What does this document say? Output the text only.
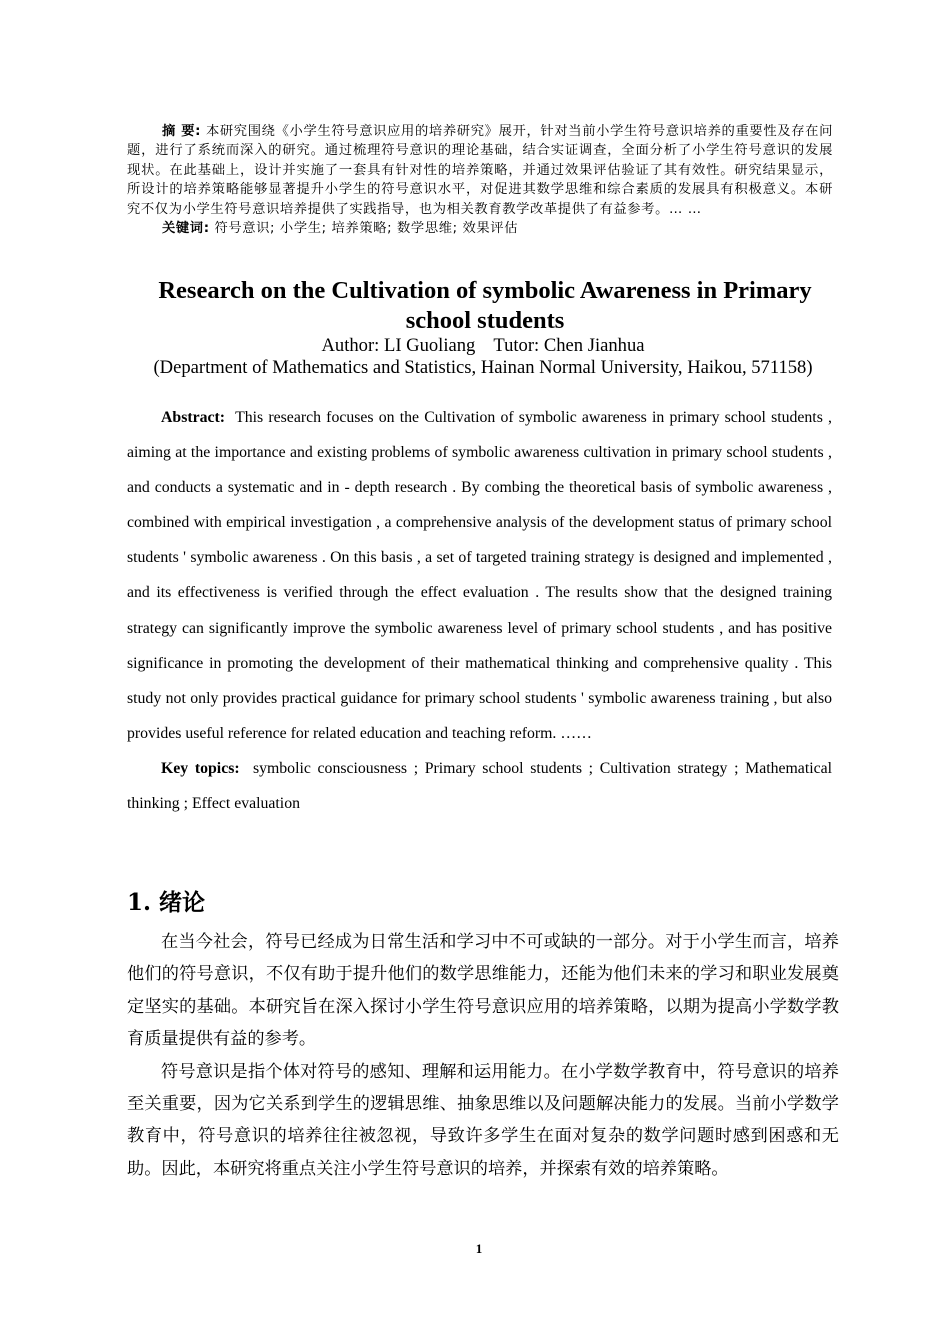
摘 要: 本研究围绕《小学生符号意识应用的培养研究》展开，针对当前小学生符号意识培养的重要性及存在问题，进行了系统而深入的研究。通过梳理符号意识的理论基础，结合实证调查，全面分析了小学生符号意识的发展现状。在此基础上，设计并实施了一套具有针对性的培养策略，并通过效果评估验证了其有效性。研究结果显示，所设计的培养策略能够显著提升小学生的符号意识水平，对促进其数学思维和综合素质的发展具有积极意义。本研究不仅为小学生符号意识培养提供了实践指导，也为相关教育教学改革提供了有益参考。… …

关键词: 符号意识; 小学生; 培养策略; 数学思维; 效果评估

Research on the Cultivation of symbolic Awareness in Primary school students
Author: LI Guoliang Tutor: Chen Jianhua
(Department of Mathematics and Statistics, Hainan Normal University, Haikou, 571158)

Abstract: This research focuses on the Cultivation of symbolic awareness in primary school students , aiming at the importance and existing problems of symbolic awareness cultivation in primary school students , and conducts a systematic and in - depth research . By combing the theoretical basis of symbolic awareness , combined with empirical investigation , a comprehensive analysis of the development status of primary school students ' symbolic awareness . On this basis , a set of targeted training strategy is designed and implemented , and its effectiveness is verified through the effect evaluation . The results show that the designed training strategy can significantly improve the symbolic awareness level of primary school students , and has positive significance in promoting the development of their mathematical thinking and comprehensive quality . This study not only provides practical guidance for primary school students ' symbolic awareness training , but also provides useful reference for related education and teaching reform. ……

Key topics: symbolic consciousness ; Primary school students ; Cultivation strategy ; Mathematical thinking ; Effect evaluation

1. 绪论

在当今社会，符号已经成为日常生活和学习中不可或缺的一部分。对于小学生而言，培养他们的符号意识，不仅有助于提升他们的数学思维能力，还能为他们未来的学习和职业发展奠定坚实的基础。本研究旨在深入探讨小学生符号意识应用的培养策略，以期为提高小学数学教育质量提供有益的参考。

符号意识是指个体对符号的感知、理解和运用能力。在小学数学教育中，符号意识的培养至关重要，因为它关系到学生的逻辑思维、抽象思维以及问题解决能力的发展。当前小学数学教育中，符号意识的培养往往被忽视，导致许多学生在面对复杂的数学问题时感到困惑和无助。因此，本研究将重点关注小学生符号意识的培养，并探索有效的培养策略。

1
